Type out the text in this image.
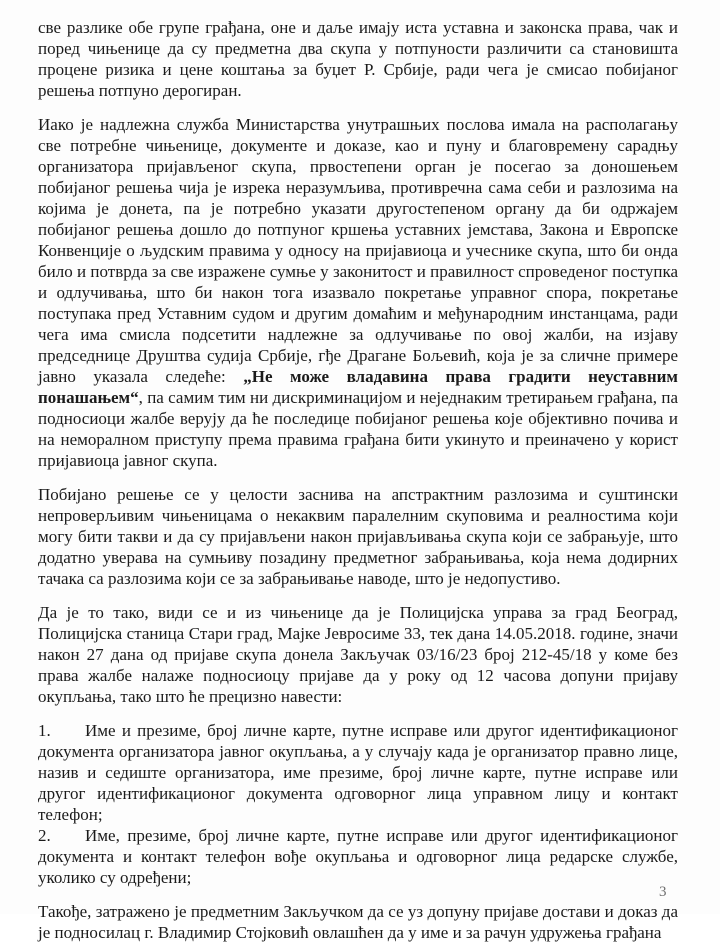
све разлике обе групе грађана, оне и даље имају иста уставна и законска права, чак и поред чињенице да су предметна два скупа у потпуности различити са становишта процене ризика и цене коштања за буџет Р. Србије, ради чега је смисао побијаног решења потпуно дерогиран.

Иако је надлежна служба Министарства унутрашњих послова имала на располагању све потребне чињенице, документе и доказе, као и пуну и благовремену сарадњу организатора пријављеног скупа, првостепени орган је посегао за доношењем побијаног решења чија је изрека неразумљива, противречна сама себи и разлозима на којима је донета, па је потребно указати другостепеном органу да би одржајем побијаног решења дошло до потпуног кршења уставних јемстава, Закона и Европске Конвенције о људским правима у односу на пријавиоца и учеснике скупа, што би онда било и потврда за све изражене сумње у законитост и правилност спроведеног поступка и одлучивања, што би након тога изазвало покретање управног спора, покретање поступака пред Уставним судом и другим домаћим и међународним инстанцама, ради чега има смисла подсетити надлежне за одлучивање по овој жалби, на изјаву председнице Друштва судија Србије, гђе Драгане Бољевић, која је за сличне примере јавно указала следеће: „Не може владавина права градити неуставним понашањем“, па самим тим ни дискриминацијом и неједнаким третирањем грађана, па подносиоци жалбе верују да ће последице побијаног решења које објективно почива и на неморалном приступу према правима грађана бити укинуто и преиначено у корист пријавиоца јавног скупа.

Побијано решење се у целости заснива на апстрактним разлозима и суштински непроверљивим чињеницама о некаквим паралелним скуповима и реалностима који могу бити такви и да су пријављени након пријављивања скупа који се забрањује, што додатно уверава на сумњиву позадину предметног забрањивања, која нема додирних тачака са разлозима који се за забрањивање наводе, што је недопустиво.

Да је то тако, види се и из чињенице да је Полицијска управа за град Београд, Полицијска станица Стари град, Мајке Јевросиме 33, тек дана 14.05.2018. године, значи након 27 дана од пријаве скупа донела Закључак 03/16/23 број 212-45/18 у коме без права жалбе налаже подносиоцу пријаве да у року од 12 часова допуни пријаву окупљања, тако што ће прецизно навести:

1. Име и презиме, број личне карте, путне исправе или другог идентификационог документа организатора јавног окупљања, а у случају када је организатор правно лице, назив и седиште организатора, име презиме, број личне карте, путне исправе или другог идентификационог документа одговорног лица управном лицу и контакт телефон;

2. Име, презиме, број личне карте, путне исправе или другог идентификационог документа и контакт телефон вође окупљања и одговорног лица редарске службе, уколико су одређени;

Такође, затражено је предметним Закључком да се уз допуну пријаве достави и доказ да је подносилац г. Владимир Стојковић овлашћен да у име и за рачун удружења грађана

3
